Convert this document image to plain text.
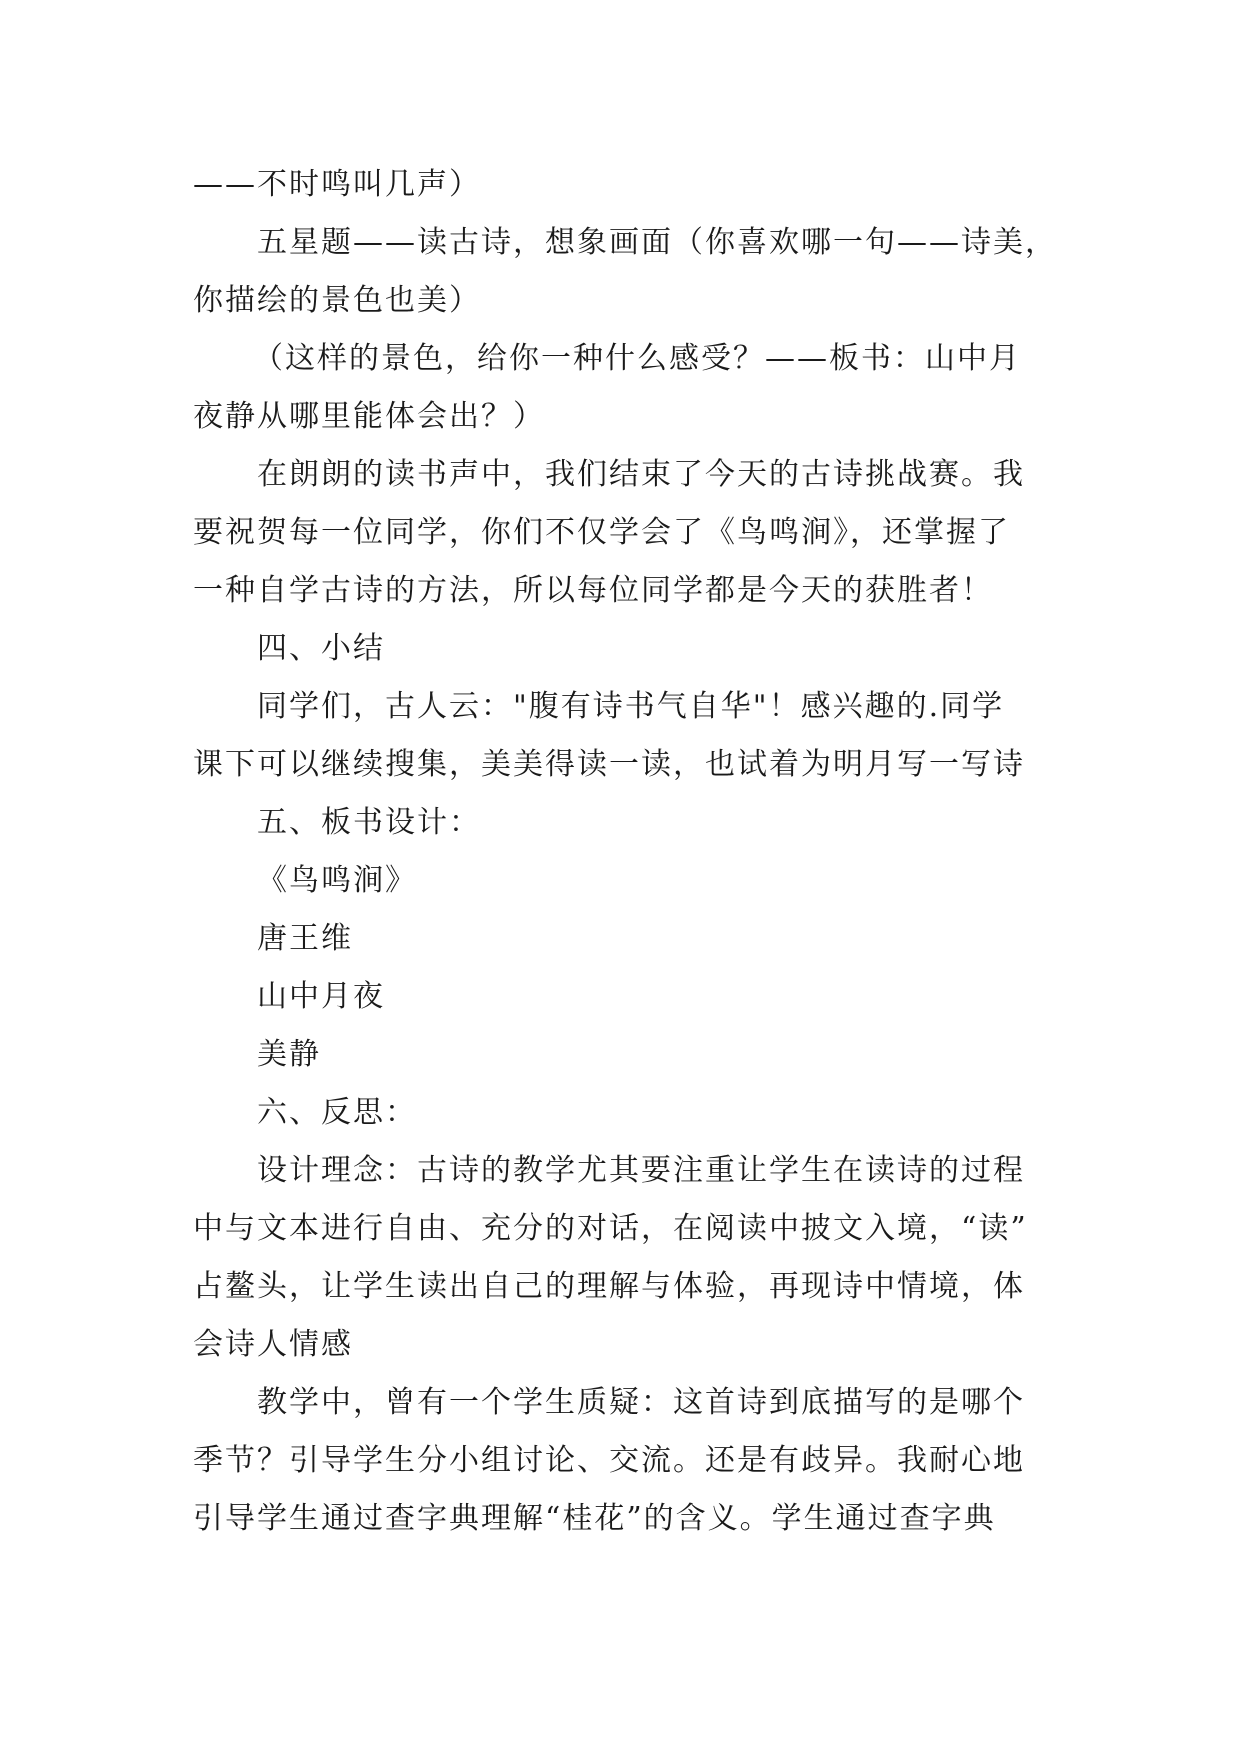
——不时鸣叫几声）
五星题——读古诗，想象画面（你喜欢哪一句——诗美，
你描绘的景色也美）
（这样的景色，给你一种什么感受？——板书：山中月
夜静从哪里能体会出？）
在朗朗的读书声中，我们结束了今天的古诗挑战赛。我
要祝贺每一位同学，你们不仅学会了《鸟鸣涧》，还掌握了
一种自学古诗的方法，所以每位同学都是今天的获胜者！
四、小结
同学们，古人云："腹有诗书气自华"！感兴趣的.同学
课下可以继续搜集，美美得读一读，也试着为明月写一写诗
五、板书设计：
《鸟鸣涧》
唐王维
山中月夜
美静
六、反思：
设计理念：古诗的教学尤其要注重让学生在读诗的过程
中与文本进行自由、充分的对话，在阅读中披文入境，“读”
占鳌头，让学生读出自己的理解与体验，再现诗中情境，体
会诗人情感
教学中，曾有一个学生质疑：这首诗到底描写的是哪个
季节？引导学生分小组讨论、交流。还是有歧异。我耐心地
引导学生通过查字典理解“桂花”的含义。学生通过查字典
